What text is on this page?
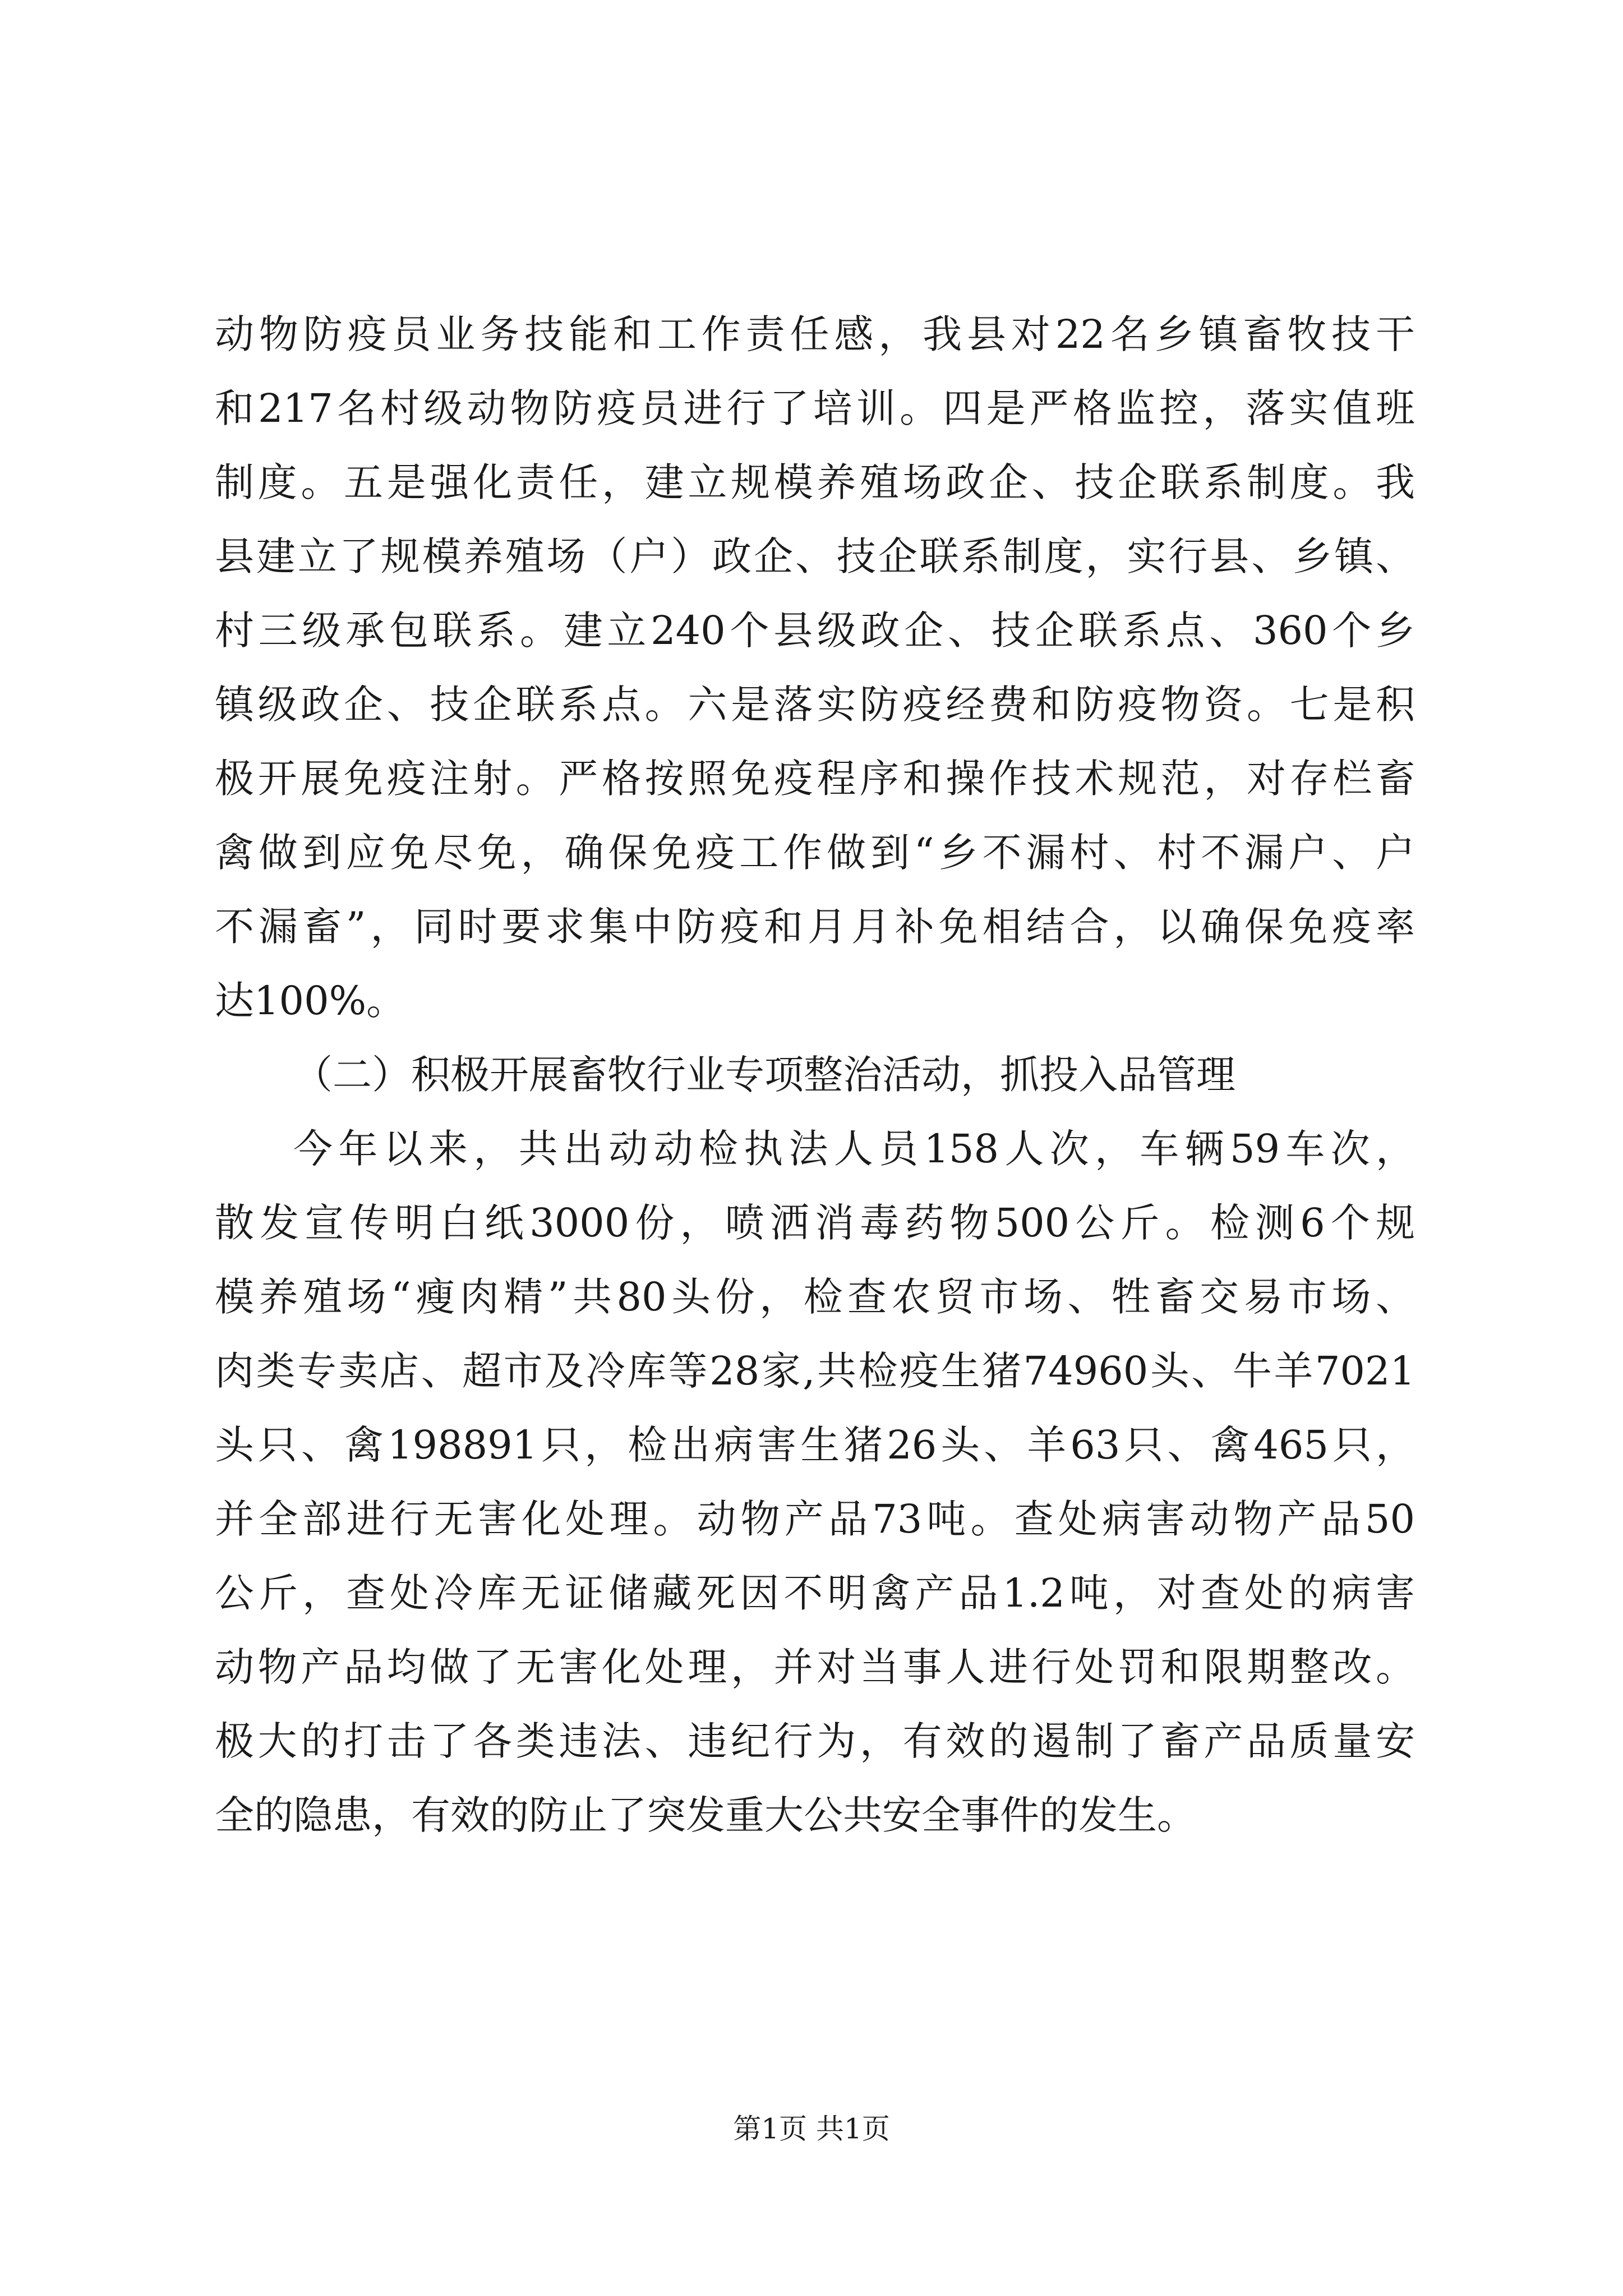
动物防疫员业务技能和工作责任感，我县对22名乡镇畜牧技干
和217名村级动物防疫员进行了培训。四是严格监控，落实值班
制度。五是强化责任，建立规模养殖场政企、技企联系制度。我
县建立了规模养殖场（户）政企、技企联系制度，实行县、乡镇、
村三级承包联系。建立240个县级政企、技企联系点、360个乡
镇级政企、技企联系点。六是落实防疫经费和防疫物资。七是积
极开展免疫注射。严格按照免疫程序和操作技术规范，对存栏畜
禽做到应免尽免，确保免疫工作做到“乡不漏村、村不漏户、户
不漏畜”，同时要求集中防疫和月月补免相结合，以确保免疫率
达100%。
（二）积极开展畜牧行业专项整治活动，抓投入品管理
今年以来，共出动动检执法人员158人次，车辆59车次，
散发宣传明白纸3000份，喷洒消毒药物500公斤。检测6个规
模养殖场“瘦肉精”共80头份，检查农贸市场、牲畜交易市场、
肉类专卖店、超市及冷库等28家,共检疫生猪74960头、牛羊7021
头只、禽198891只，检出病害生猪26头、羊63只、禽465只，
并全部进行无害化处理。动物产品73吨。查处病害动物产品50
公斤，查处冷库无证储藏死因不明禽产品1.2吨，对查处的病害
动物产品均做了无害化处理，并对当事人进行处罚和限期整改。
极大的打击了各类违法、违纪行为，有效的遏制了畜产品质量安
全的隐患，有效的防止了突发重大公共安全事件的发生。
第1页 共1页
